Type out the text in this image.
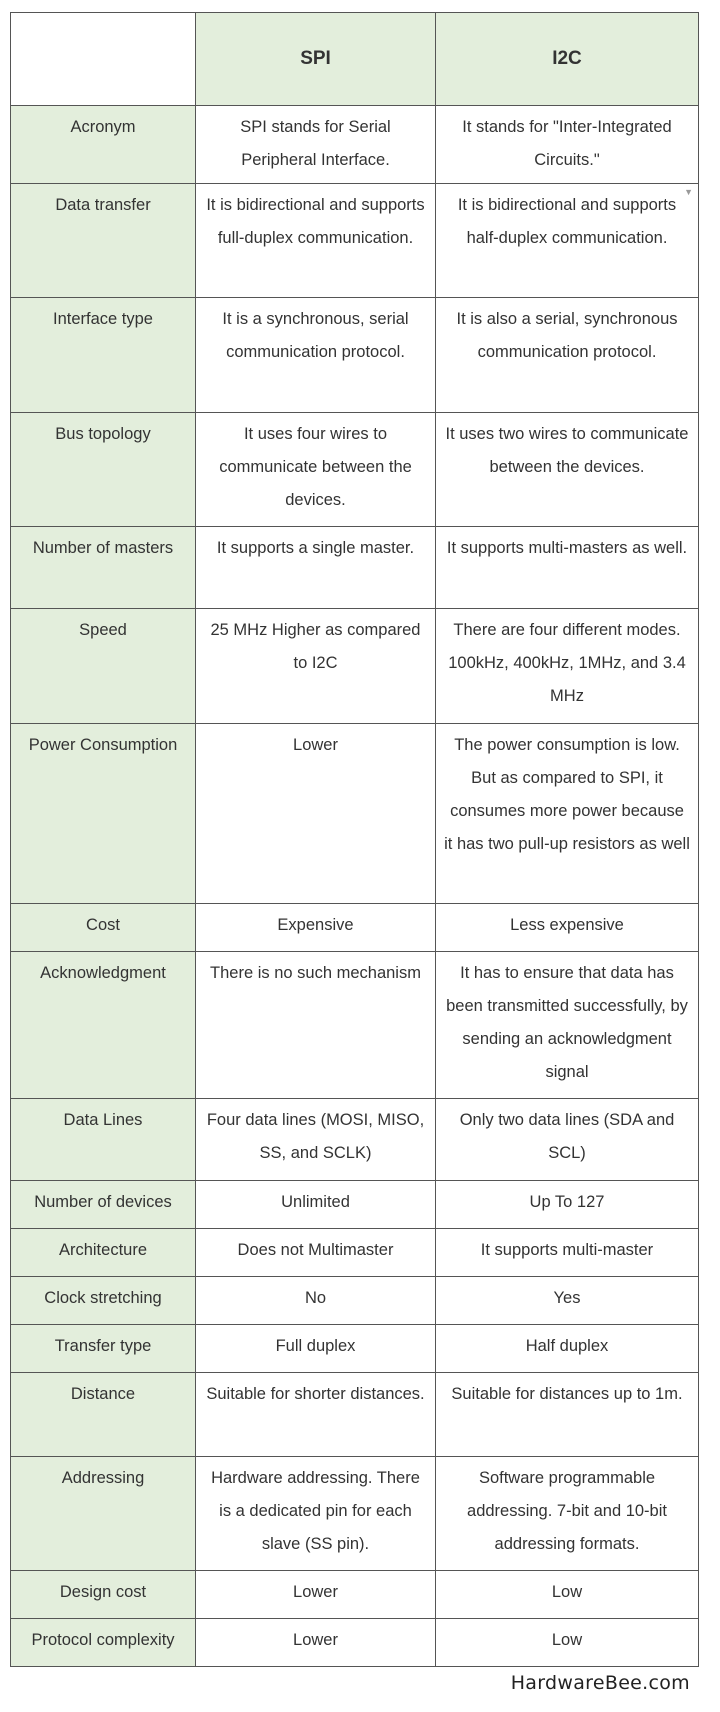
	SPI	I2C
Acronym	SPI stands for Serial Peripheral Interface.	It stands for "Inter-Integrated Circuits."
Data transfer	It is bidirectional and supports full-duplex communication.	It is bidirectional and supports half-duplex communication.
▼

Interface type	It is a synchronous, serial communication protocol.	It is also a serial, synchronous communication protocol.
Bus topology	It uses four wires to communicate between the devices.	It uses two wires to communicate between the devices.
Number of masters	It supports a single master.	It supports multi-masters as well.
Speed	25 MHz Higher as compared to I2C	There are four different modes. 100kHz, 400kHz, 1MHz, and 3.4 MHz
Power Consumption	Lower	The power consumption is low. But as compared to SPI, it consumes more power because it has two pull-up resistors as well
Cost	Expensive	Less expensive
Acknowledgment	There is no such mechanism	It has to ensure that data has been transmitted successfully, by sending an acknowledgment signal
Data Lines	Four data lines (MOSI, MISO, SS, and SCLK)	Only two data lines (SDA and SCL)
Number of devices	Unlimited	Up To 127
Architecture	Does not Multimaster	It supports multi-master
Clock stretching	No	Yes
Transfer type	Full duplex	Half duplex
Distance	Suitable for shorter distances.	Suitable for distances up to 1m.
Addressing	Hardware addressing. There is a dedicated pin for each slave (SS pin).	Software programmable addressing. 7-bit and 10-bit addressing formats.
Design cost	Lower	Low
Protocol complexity	Lower	Low
HardwareBee.com
